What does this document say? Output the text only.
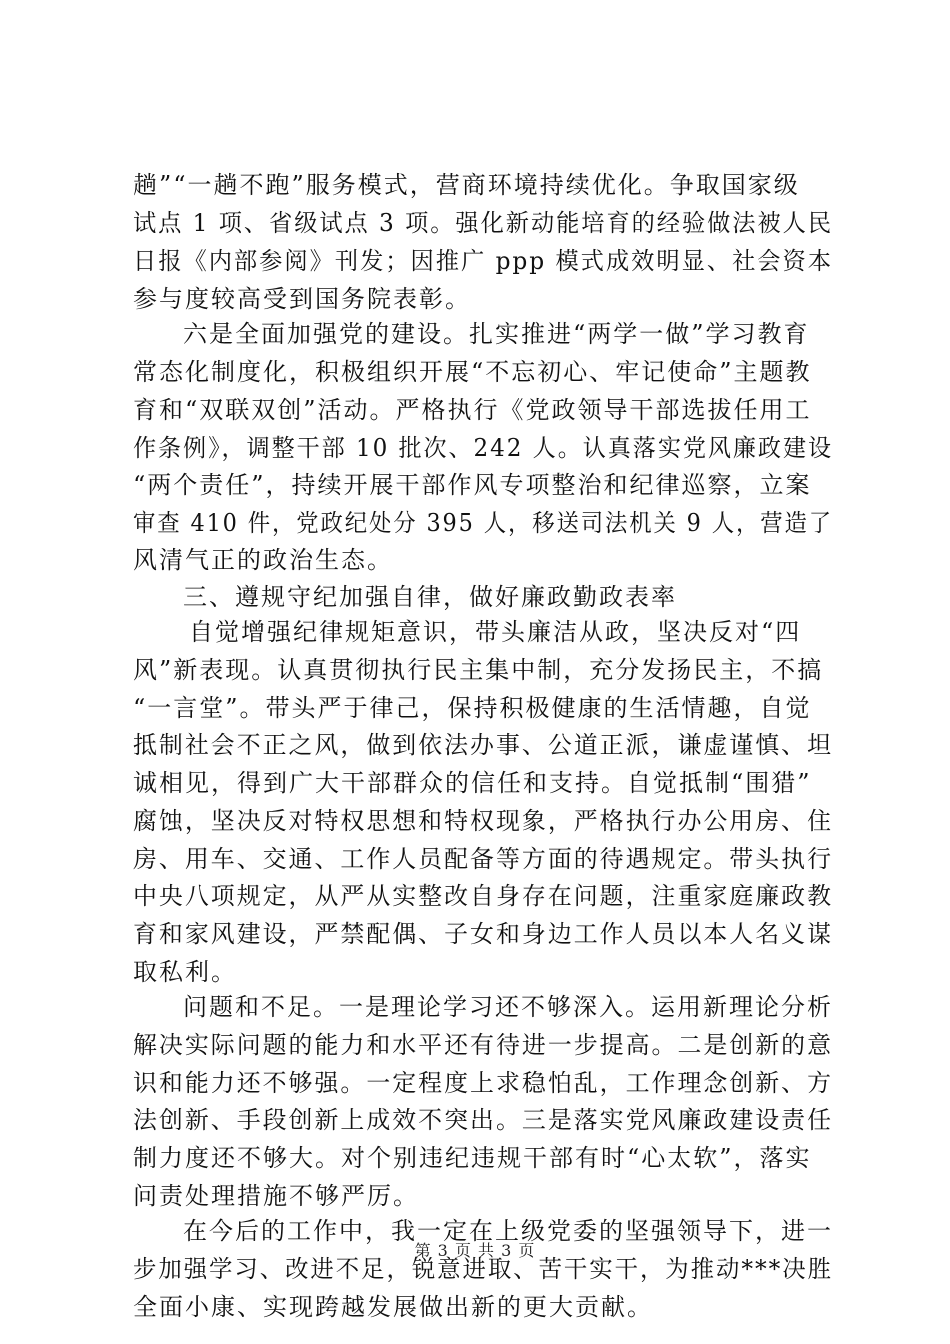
趟”“一趟不跑”服务模式，营商环境持续优化。争取国家级
试点 1 项、省级试点 3 项。强化新动能培育的经验做法被人民
日报《内部参阅》刊发；因推广 ppp 模式成效明显、社会资本
参与度较高受到国务院表彰。
六是全面加强党的建设。扎实推进“两学一做”学习教育
常态化制度化，积极组织开展“不忘初心、牢记使命”主题教
育和“双联双创”活动。严格执行《党政领导干部选拔任用工
作条例》，调整干部 10 批次、242 人。认真落实党风廉政建设
“两个责任”，持续开展干部作风专项整治和纪律巡察，立案
审查 410 件，党政纪处分 395 人，移送司法机关 9 人，营造了
风清气正的政治生态。
三、遵规守纪加强自律，做好廉政勤政表率
自觉增强纪律规矩意识，带头廉洁从政，坚决反对“四
风”新表现。认真贯彻执行民主集中制，充分发扬民主，不搞
“一言堂”。带头严于律己，保持积极健康的生活情趣，自觉
抵制社会不正之风，做到依法办事、公道正派，谦虚谨慎、坦
诚相见，得到广大干部群众的信任和支持。自觉抵制“围猎”
腐蚀，坚决反对特权思想和特权现象，严格执行办公用房、住
房、用车、交通、工作人员配备等方面的待遇规定。带头执行
中央八项规定，从严从实整改自身存在问题，注重家庭廉政教
育和家风建设，严禁配偶、子女和身边工作人员以本人名义谋
取私利。
问题和不足。一是理论学习还不够深入。运用新理论分析
解决实际问题的能力和水平还有待进一步提高。二是创新的意
识和能力还不够强。一定程度上求稳怕乱，工作理念创新、方
法创新、手段创新上成效不突出。三是落实党风廉政建设责任
制力度还不够大。对个别违纪违规干部有时“心太软”，落实
问责处理措施不够严厉。
在今后的工作中，我一定在上级党委的坚强领导下，进一
步加强学习、改进不足，锐意进取、苦干实干，为推动***决胜
全面小康、实现跨越发展做出新的更大贡献。
第 3 页 共 3 页
